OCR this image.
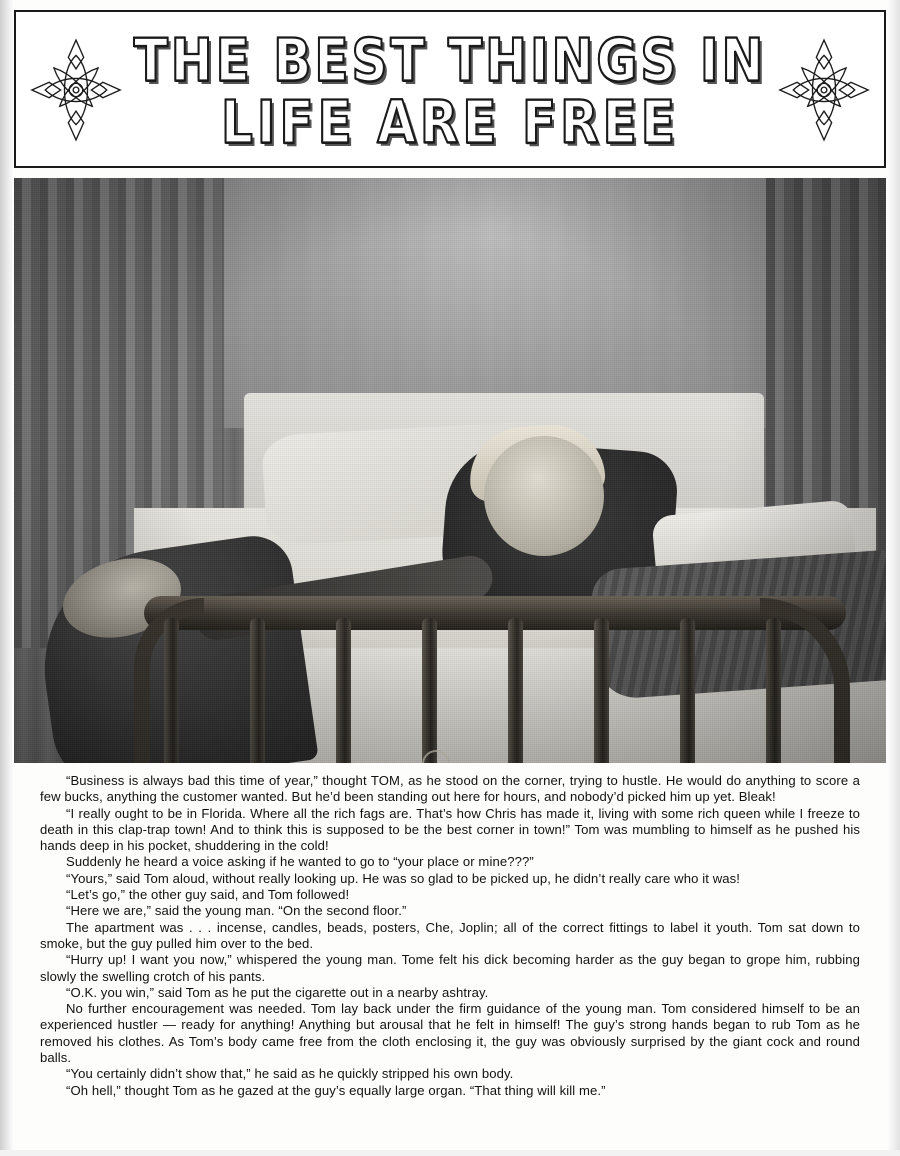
THE BEST THINGS IN
LIFE ARE FREE

“Business is always bad this time of year,” thought TOM, as he stood on the corner, trying to hustle. He would do anything to score a few bucks, anything the customer wanted. But he’d been standing out here for hours, and nobody’d picked him up yet. Bleak!

“I really ought to be in Florida. Where all the rich fags are. That’s how Chris has made it, living with some rich queen while I freeze to death in this clap-trap town! And to think this is supposed to be the best corner in town!” Tom was mumbling to himself as he pushed his hands deep in his pocket, shuddering in the cold!

Suddenly he heard a voice asking if he wanted to go to “your place or mine???”

“Yours,” said Tom aloud, without really looking up. He was so glad to be picked up, he didn’t really care who it was!

“Let’s go,” the other guy said, and Tom followed!

“Here we are,” said the young man. “On the second floor.”

The apartment was . . . incense, candles, beads, posters, Che, Joplin; all of the correct fittings to label it youth. Tom sat down to smoke, but the guy pulled him over to the bed.

“Hurry up! I want you now,” whispered the young man. Tome felt his dick becoming harder as the guy began to grope him, rubbing slowly the swelling crotch of his pants.

“O.K. you win,” said Tom as he put the cigarette out in a nearby ashtray.

No further encouragement was needed. Tom lay back under the firm guidance of the young man. Tom considered himself to be an experienced hustler — ready for anything! Anything but arousal that he felt in himself! The guy’s strong hands began to rub Tom as he removed his clothes. As Tom’s body came free from the cloth enclosing it, the guy was obviously surprised by the giant cock and round balls.

“You certainly didn’t show that,” he said as he quickly stripped his own body.

“Oh hell,” thought Tom as he gazed at the guy’s equally large organ. “That thing will kill me.”
